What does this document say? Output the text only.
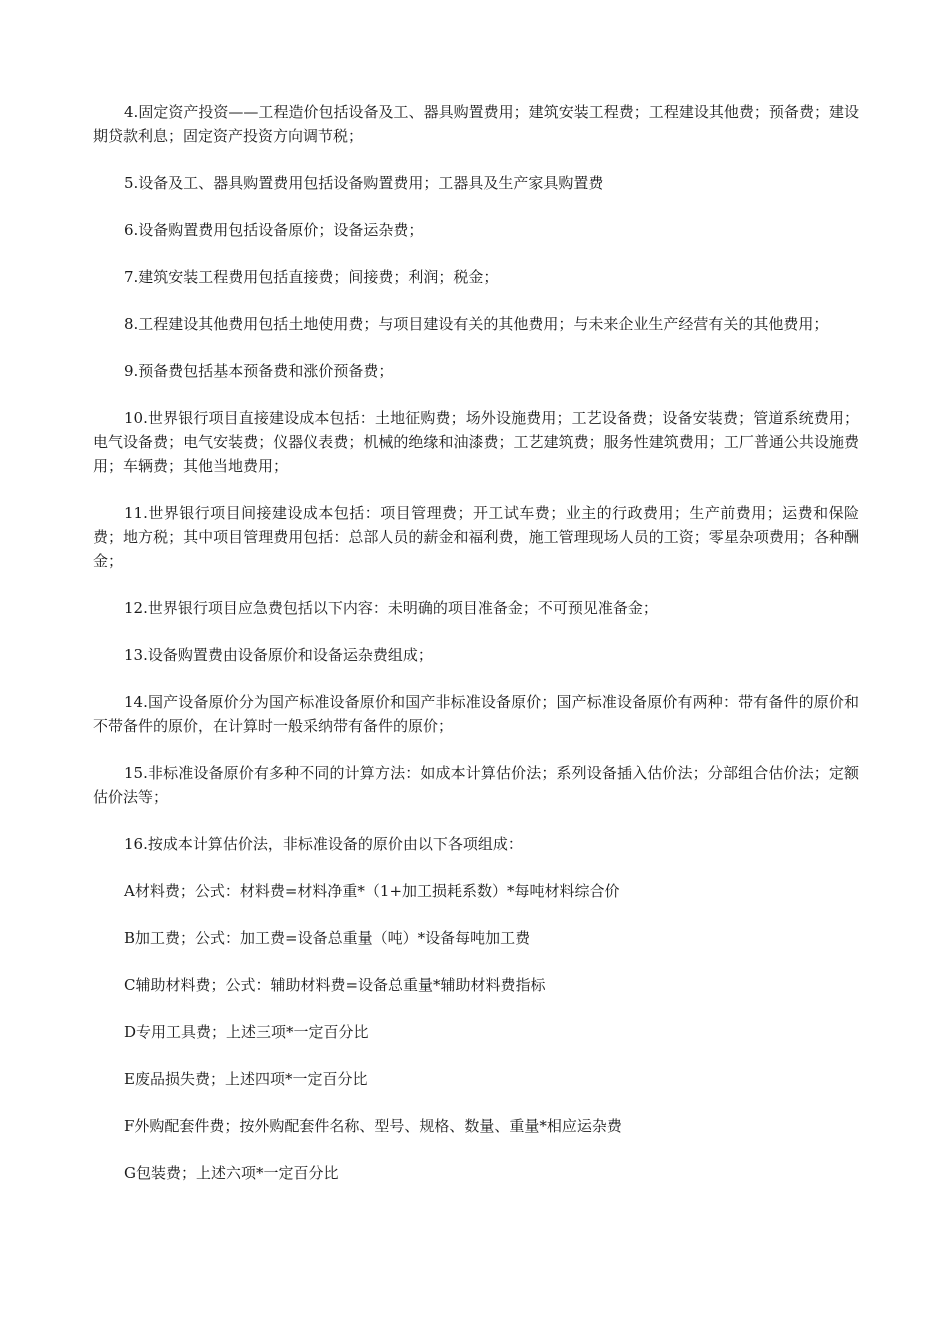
4.固定资产投资——工程造价包括设备及工、器具购置费用；建筑安装工程费；工程建设其他费；预备费；建设期贷款利息；固定资产投资方向调节税；

5.设备及工、器具购置费用包括设备购置费用；工器具及生产家具购置费

6.设备购置费用包括设备原价；设备运杂费；

7.建筑安装工程费用包括直接费；间接费；利润；税金；

8.工程建设其他费用包括土地使用费；与项目建设有关的其他费用；与未来企业生产经营有关的其他费用；

9.预备费包括基本预备费和涨价预备费；

10.世界银行项目直接建设成本包括：土地征购费；场外设施费用；工艺设备费；设备安装费；管道系统费用；电气设备费；电气安装费；仪器仪表费；机械的绝缘和油漆费；工艺建筑费；服务性建筑费用；工厂普通公共设施费用；车辆费；其他当地费用；

11.世界银行项目间接建设成本包括：项目管理费；开工试车费；业主的行政费用；生产前费用；运费和保险费；地方税；其中项目管理费用包括：总部人员的薪金和福利费，施工管理现场人员的工资；零星杂项费用；各种酬金；

12.世界银行项目应急费包括以下内容：未明确的项目准备金；不可预见准备金；

13.设备购置费由设备原价和设备运杂费组成；

14.国产设备原价分为国产标准设备原价和国产非标准设备原价；国产标准设备原价有两种：带有备件的原价和不带备件的原价，在计算时一般采纳带有备件的原价；

15.非标准设备原价有多种不同的计算方法：如成本计算估价法；系列设备插入估价法；分部组合估价法；定额估价法等；

16.按成本计算估价法，非标准设备的原价由以下各项组成：

A材料费；公式：材料费=材料净重*（1+加工损耗系数）*每吨材料综合价

B加工费；公式：加工费=设备总重量（吨）*设备每吨加工费

C辅助材料费；公式：辅助材料费=设备总重量*辅助材料费指标

D专用工具费；上述三项*一定百分比

E废品损失费；上述四项*一定百分比

F外购配套件费；按外购配套件名称、型号、规格、数量、重量*相应运杂费

G包装费；上述六项*一定百分比
